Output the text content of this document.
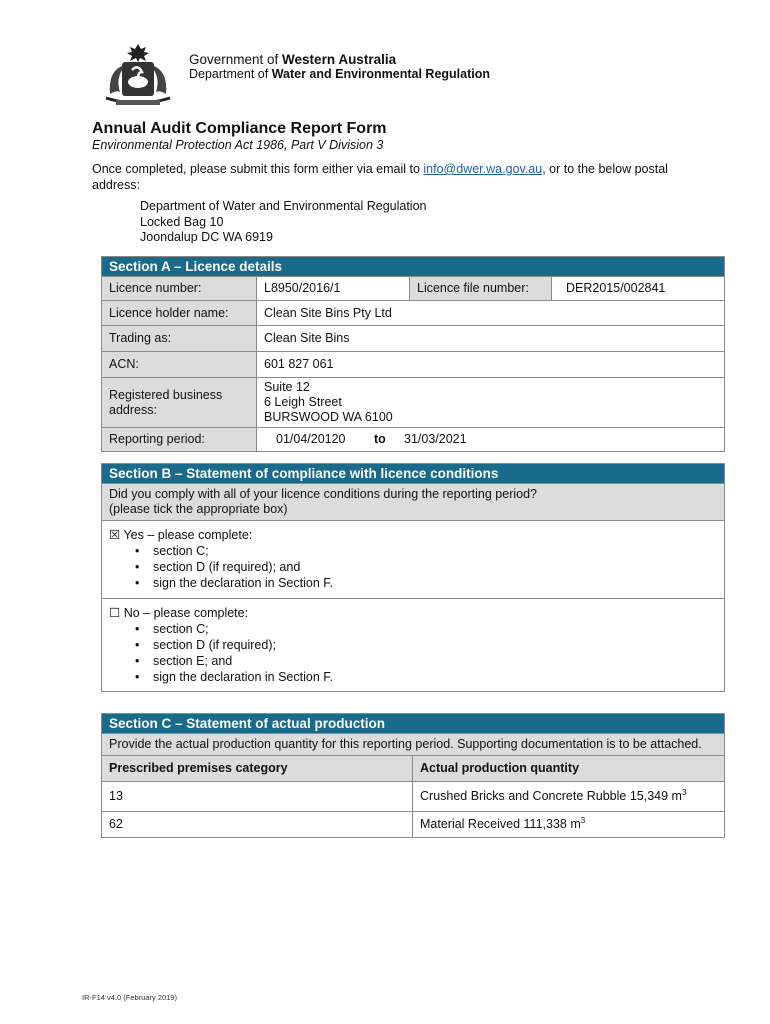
Government of Western Australia
Department of Water and Environmental Regulation
Annual Audit Compliance Report Form
Environmental Protection Act 1986, Part V Division 3
Once completed, please submit this form either via email to info@dwer.wa.gov.au, or to the below postal address:
Department of Water and Environmental Regulation
Locked Bag 10
Joondalup DC WA 6919
Section A – Licence details			
Licence number:	L8950/2016/1	Licence file number:	DER2015/002841
Licence holder name:	Clean Site Bins Pty Ltd		
Trading as:	Clean Site Bins		
ACN:	601 827 061		
Registered business address:	Suite 12
6 Leigh Street
BURSWOOD WA 6100		

Reporting period:	01/04/20120 to 31/03/2021		
Section B – Statement of compliance with licence conditions

Did you comply with all of your licence conditions during the reporting period?
(please tick the appropriate box)

☒ Yes – please complete:
• section C;
• section D (if required); and
• sign the declaration in Section F.

☐ No – please complete:
• section C;
• section D (if required);
• section E; and
• sign the declaration in Section F.
Section C – Statement of actual production	
Provide the actual production quantity for this reporting period. Supporting documentation is to be attached.	
Prescribed premises category	Actual production quantity
13	Crushed Bricks and Concrete Rubble 15,349 $m^3$
62	Material Received 111,338 $m^3$
IR-F14 v4.0 (February 2019)
